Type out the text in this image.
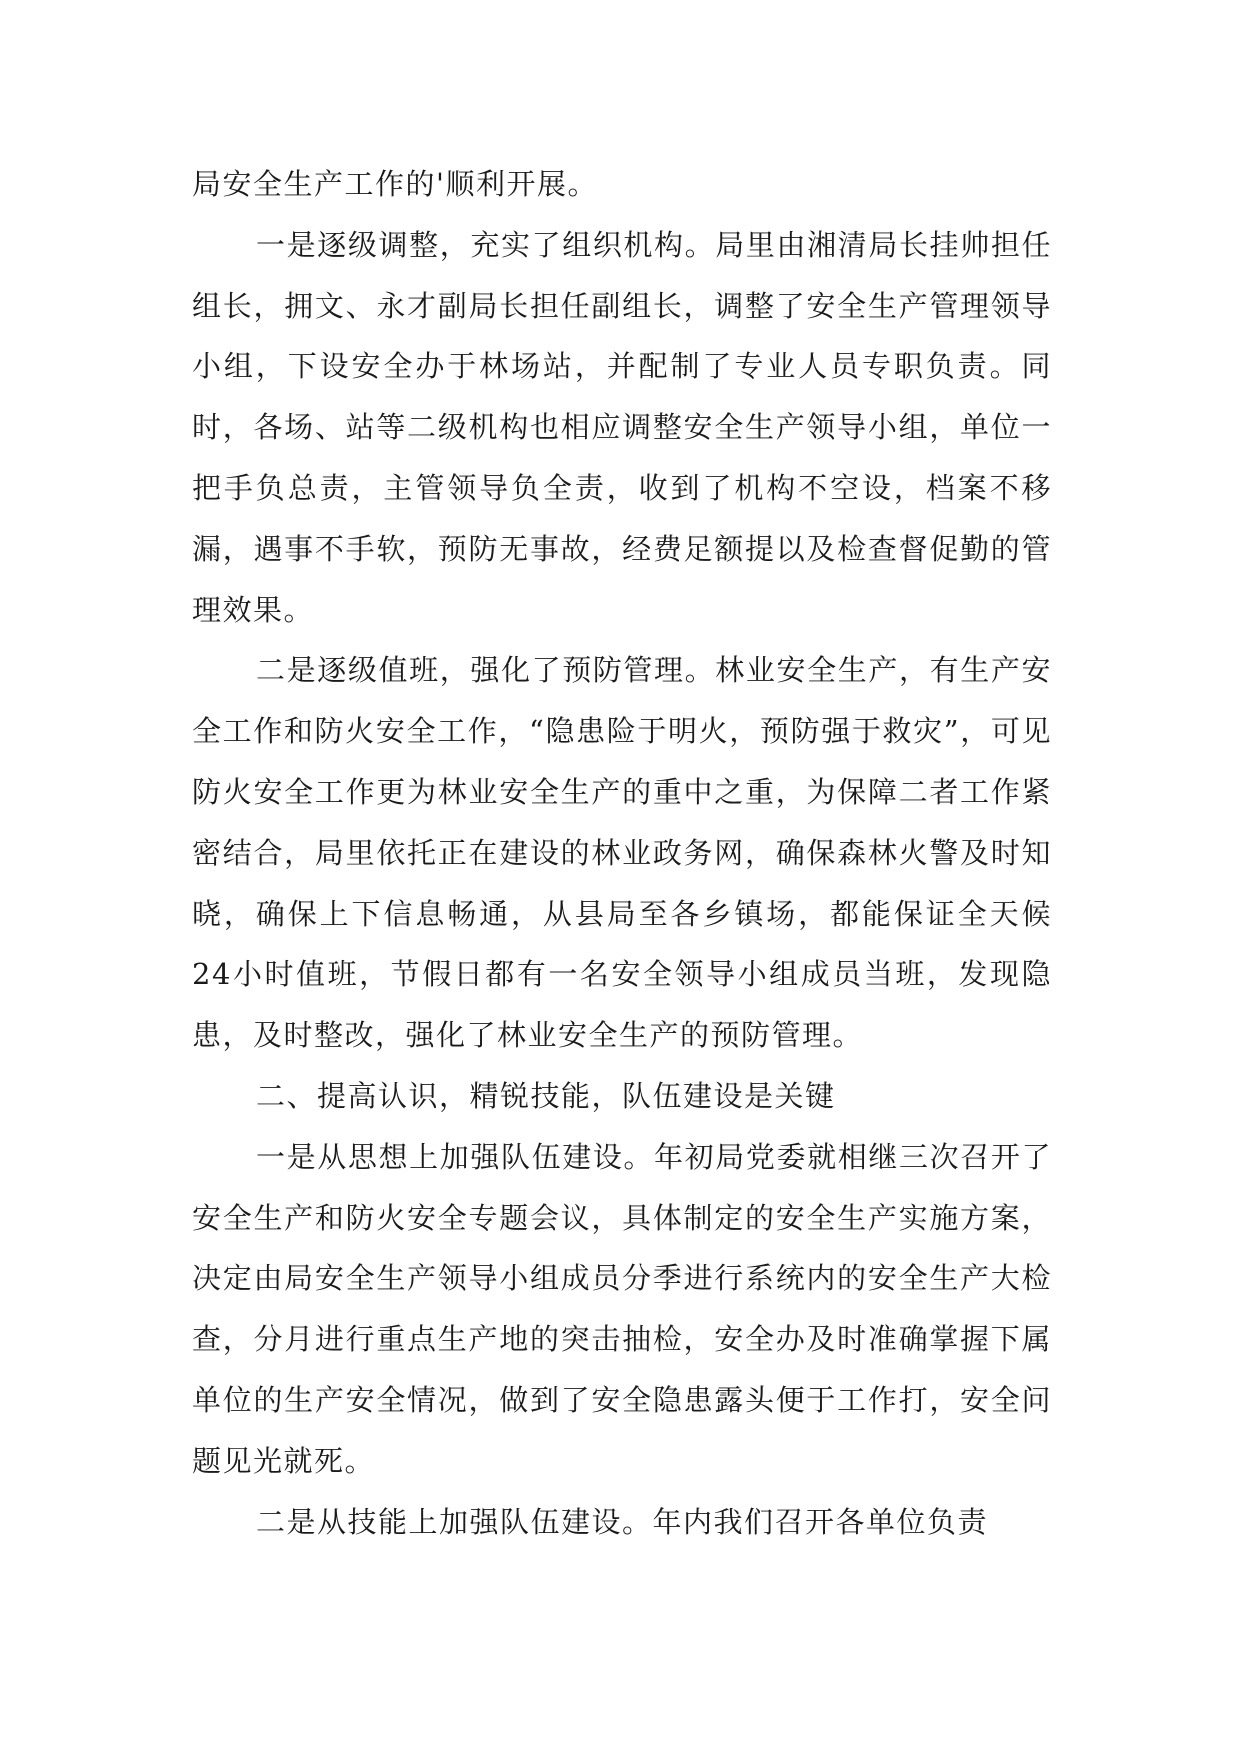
局安全生产工作的'顺利开展。

一是逐级调整，充实了组织机构。局里由湘清局长挂帅担任组长，拥文、永才副局长担任副组长，调整了安全生产管理领导小组，下设安全办于林场站，并配制了专业人员专职负责。同时，各场、站等二级机构也相应调整安全生产领导小组，单位一把手负总责，主管领导负全责，收到了机构不空设，档案不移漏，遇事不手软，预防无事故，经费足额提以及检查督促勤的管理效果。

二是逐级值班，强化了预防管理。林业安全生产，有生产安全工作和防火安全工作，“隐患险于明火，预防强于救灾”，可见防火安全工作更为林业安全生产的重中之重，为保障二者工作紧密结合，局里依托正在建设的林业政务网，确保森林火警及时知晓，确保上下信息畅通，从县局至各乡镇场，都能保证全天候24小时值班，节假日都有一名安全领导小组成员当班，发现隐患，及时整改，强化了林业安全生产的预防管理。

二、提高认识，精锐技能，队伍建设是关键

一是从思想上加强队伍建设。年初局党委就相继三次召开了安全生产和防火安全专题会议，具体制定的安全生产实施方案，决定由局安全生产领导小组成员分季进行系统内的安全生产大检查，分月进行重点生产地的突击抽检，安全办及时准确掌握下属单位的生产安全情况，做到了安全隐患露头便于工作打，安全问题见光就死。

二是从技能上加强队伍建设。年内我们召开各单位负责
